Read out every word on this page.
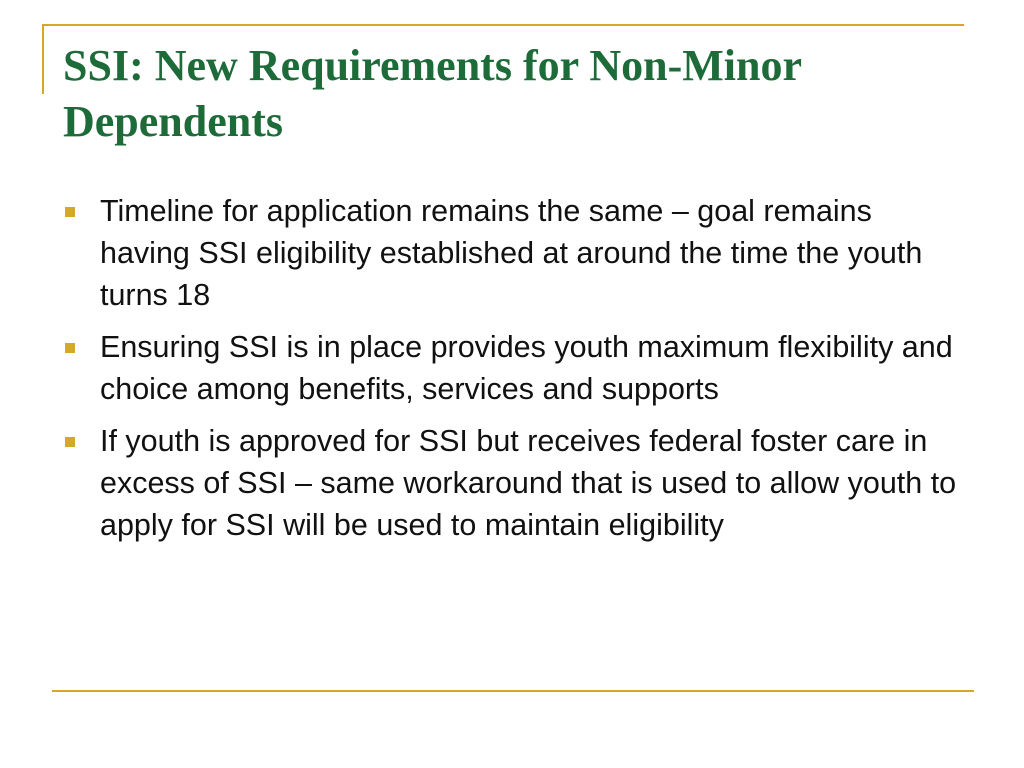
SSI: New Requirements for Non-Minor Dependents
Timeline for application remains the same – goal remains having SSI eligibility established at around the time the youth turns 18
Ensuring SSI is in place provides youth maximum flexibility and choice among benefits, services and supports
If youth is approved for SSI but receives federal foster care in excess of SSI – same workaround that is used to allow youth to apply for SSI will be used to maintain eligibility
